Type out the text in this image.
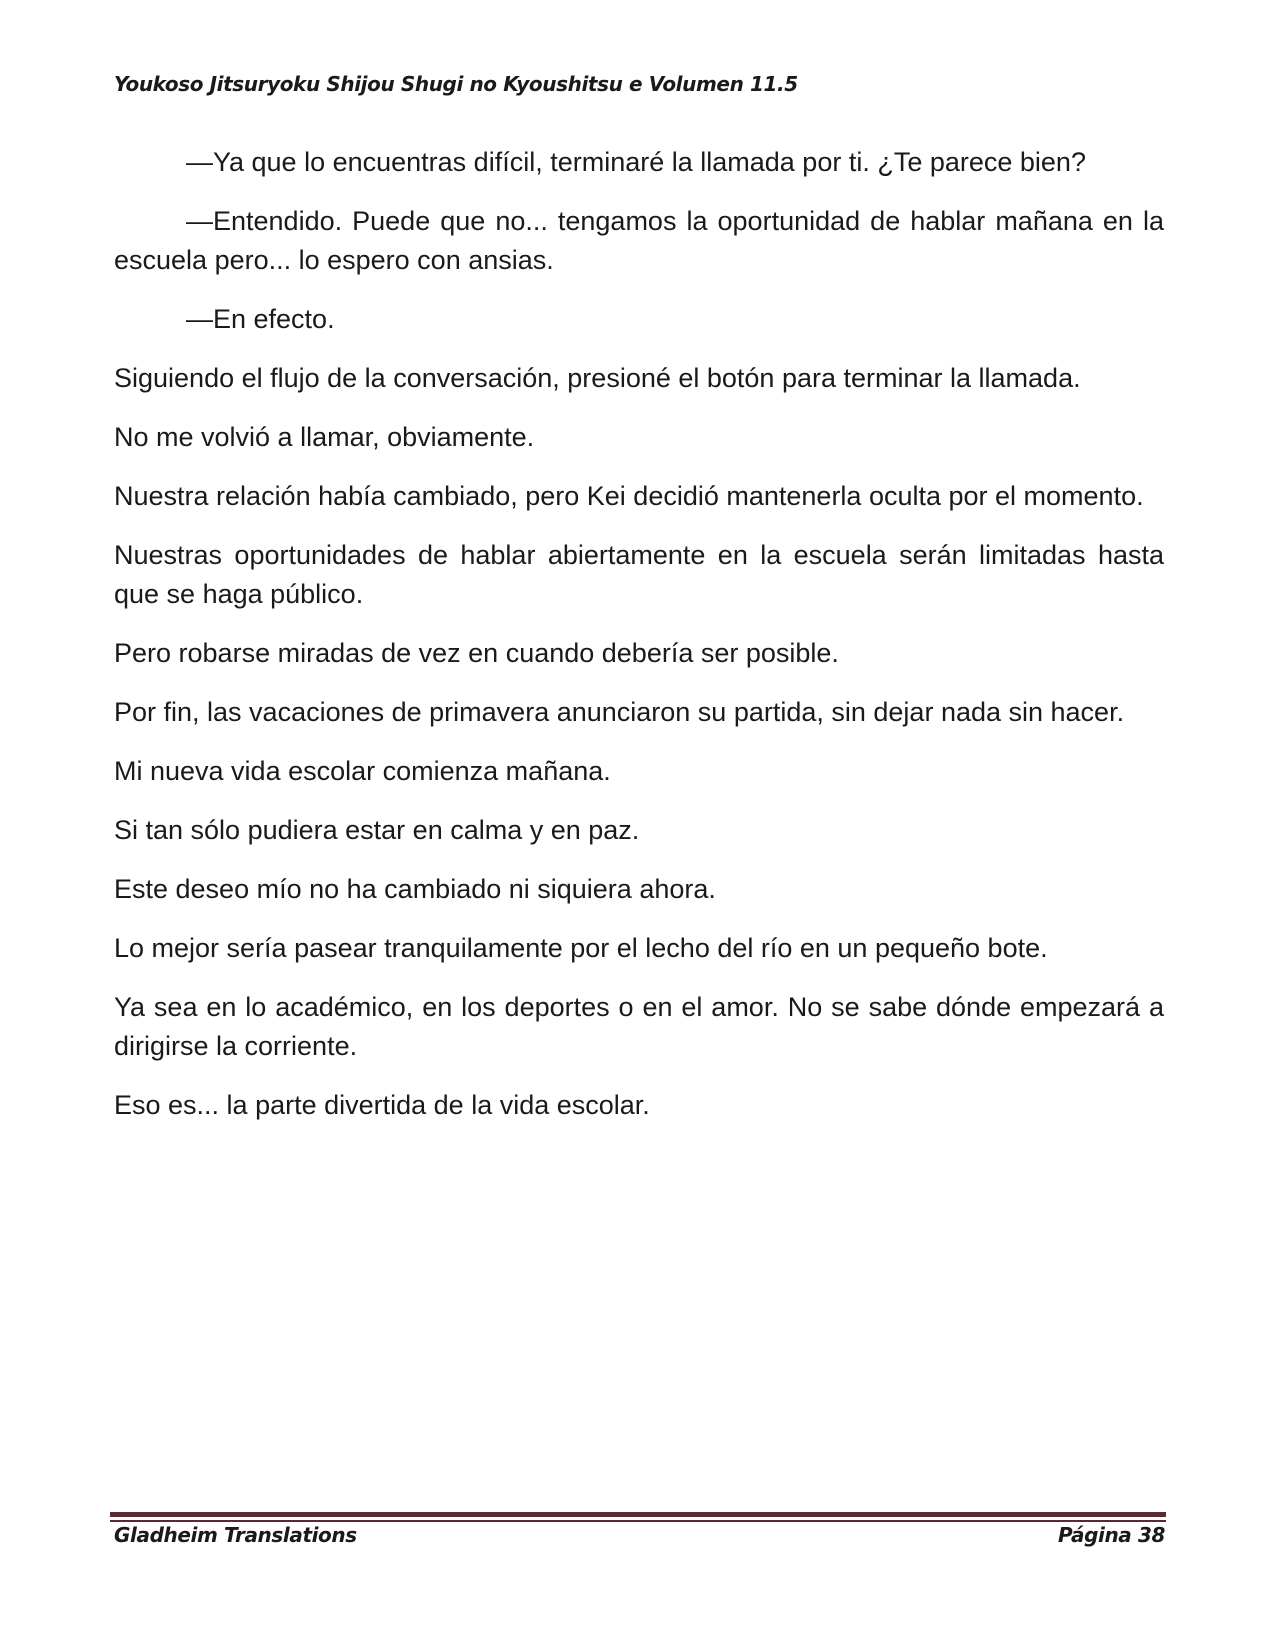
Youkoso Jitsuryoku Shijou Shugi no Kyoushitsu e Volumen 11.5

—Ya que lo encuentras difícil, terminaré la llamada por ti. ¿Te parece bien?

—Entendido. Puede que no... tengamos la oportunidad de hablar mañana en la escuela pero... lo espero con ansias.

—En efecto.

Siguiendo el flujo de la conversación, presioné el botón para terminar la llamada.

No me volvió a llamar, obviamente.

Nuestra relación había cambiado, pero Kei decidió mantenerla oculta por el momento.

Nuestras oportunidades de hablar abiertamente en la escuela serán limitadas hasta que se haga público.

Pero robarse miradas de vez en cuando debería ser posible.

Por fin, las vacaciones de primavera anunciaron su partida, sin dejar nada sin hacer.

Mi nueva vida escolar comienza mañana.

Si tan sólo pudiera estar en calma y en paz.

Este deseo mío no ha cambiado ni siquiera ahora.

Lo mejor sería pasear tranquilamente por el lecho del río en un pequeño bote.

Ya sea en lo académico, en los deportes o en el amor. No se sabe dónde empezará a dirigirse la corriente.

Eso es... la parte divertida de la vida escolar.

Gladheim Translations	Página 38
